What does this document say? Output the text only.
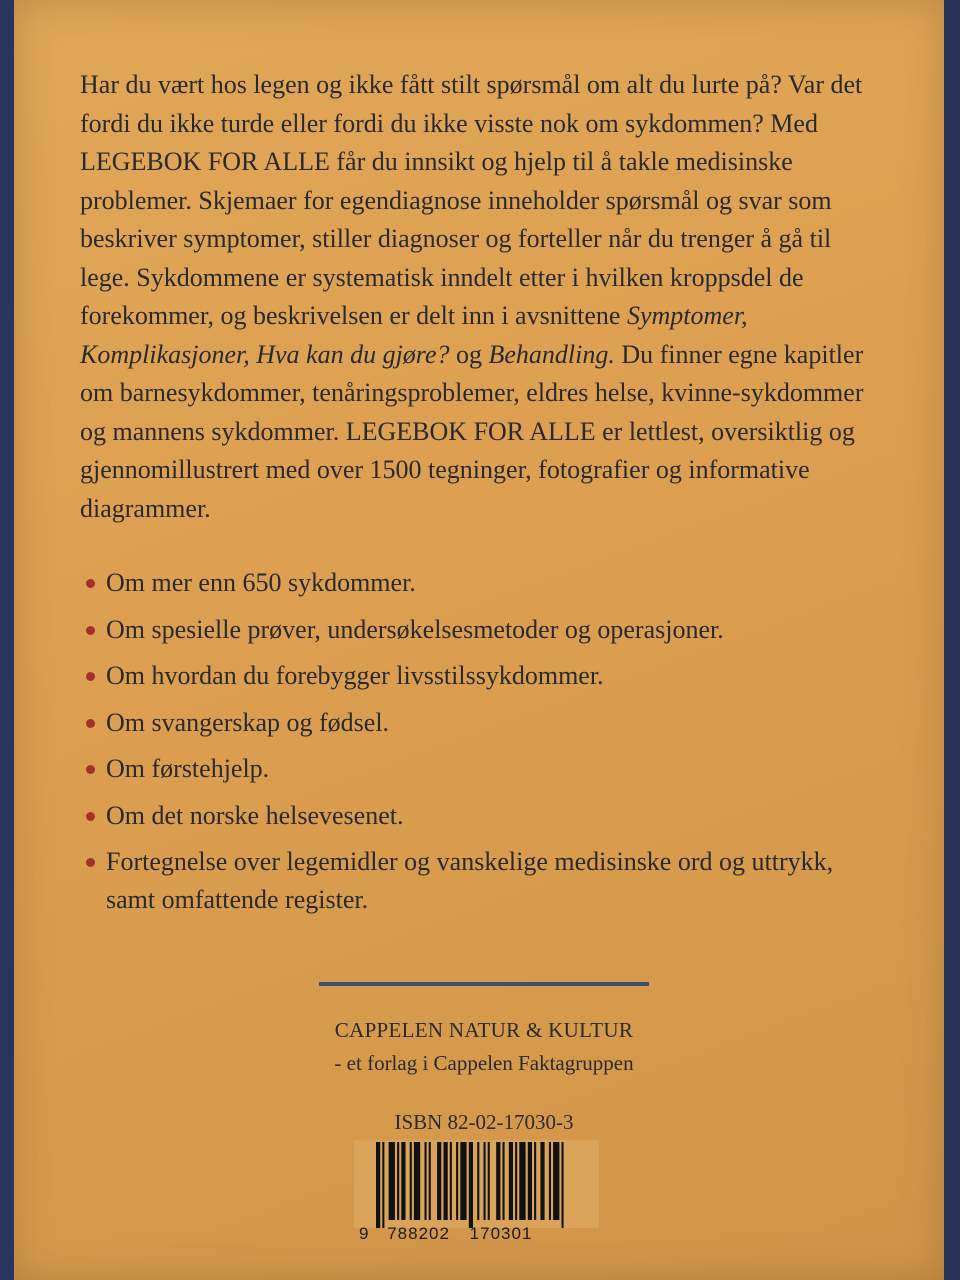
Har du vært hos legen og ikke fått stilt spørsmål om alt du lurte på? Var det fordi du ikke turde eller fordi du ikke visste nok om sykdommen? Med LEGEBOK FOR ALLE får du innsikt og hjelp til å takle medisinske problemer. Skjemaer for egendiagnose inneholder spørsmål og svar som beskriver symptomer, stiller diagnoser og forteller når du trenger å gå til lege. Sykdommene er systematisk inndelt etter i hvilken kroppsdel de forekommer, og beskrivelsen er delt inn i avsnittene Symptomer, Komplikasjoner, Hva kan du gjøre? og Behandling. Du finner egne kapitler om barnesykdommer, tenåringsproblemer, eldres helse, kvinne-sykdommer og mannens sykdommer. LEGEBOK FOR ALLE er lettlest, oversiktlig og gjennomillustrert med over 1500 tegninger, fotografier og informative diagrammer.

Om mer enn 650 sykdommer.
Om spesielle prøver, undersøkelsesmetoder og operasjoner.
Om hvordan du forebygger livsstilssykdommer.
Om svangerskap og fødsel.
Om førstehjelp.
Om det norske helsevesenet.
Fortegnelse over legemidler og vanskelige medisinske ord og uttrykk, samt omfattende register.
CAPPELEN NATUR & KULTUR
- et forlag i Cappelen Faktagruppen
ISBN 82-02-17030-3
9 788202 170301
